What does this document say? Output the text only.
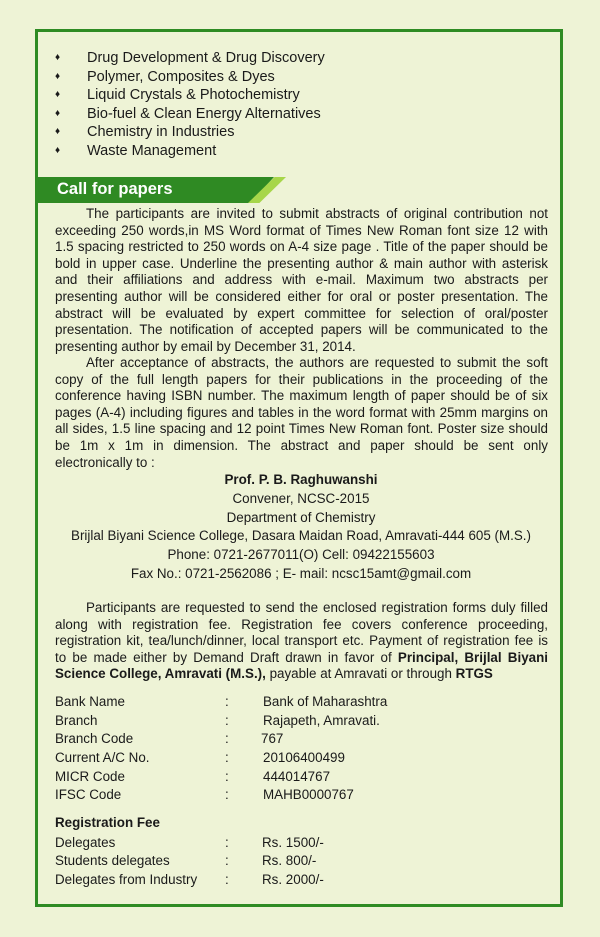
♦ Drug Development & Drug Discovery
♦ Polymer, Composites & Dyes
♦ Liquid Crystals & Photochemistry
♦ Bio-fuel & Clean Energy Alternatives
♦ Chemistry in Industries
♦ Waste Management
Call for papers

The participants are invited to submit abstracts of original contribution not exceeding 250 words,in MS Word format of Times New Roman font size 12 with 1.5 spacing restricted to 250 words on A-4 size page . Title of the paper should be bold in upper case. Underline the presenting author & main author with asterisk and their affiliations and address with e-mail. Maximum two abstracts per presenting author will be considered either for oral or poster presentation. The abstract will be evaluated by expert committee for selection of oral/poster presentation. The notification of accepted papers will be communicated to the presenting author by email by December 31, 2014.

After acceptance of abstracts, the authors are requested to submit the soft copy of the full length papers for their publications in the proceeding of the conference having ISBN number. The maximum length of paper should be of six pages (A-4) including figures and tables in the word format with 25mm margins on all sides, 1.5 line spacing and 12 point Times New Roman font. Poster size should be 1m x 1m in dimension. The abstract and paper should be sent only electronically to :

Prof. P. B. Raghuwanshi
Convener, NCSC-2015
Department of Chemistry
Brijlal Biyani Science College, Dasara Maidan Road, Amravati-444 605 (M.S.)
Phone: 0721-2677011(O) Cell: 09422155603
Fax No.: 0721-2562086 ; E- mail: ncsc15amt@gmail.com

Participants are requested to send the enclosed registration forms duly filled along with registration fee. Registration fee covers conference proceeding, registration kit, tea/lunch/dinner, local transport etc. Payment of registration fee is to be made either by Demand Draft drawn in favor of Principal, Brijlal Biyani Science College, Amravati (M.S.), payable at Amravati or through RTGS

Bank Name	:	Bank of Maharashtra
Branch	:	Rajapeth, Amravati.
Branch Code	: 767
Current A/C No.	:	20106400499
MICR Code	:	444014767
IFSC Code	:	MAHB0000767
Registration Fee
Delegates	: Rs. 1500/-
Students delegates	: Rs. 800/-
Delegates from Industry : Rs. 2000/-
